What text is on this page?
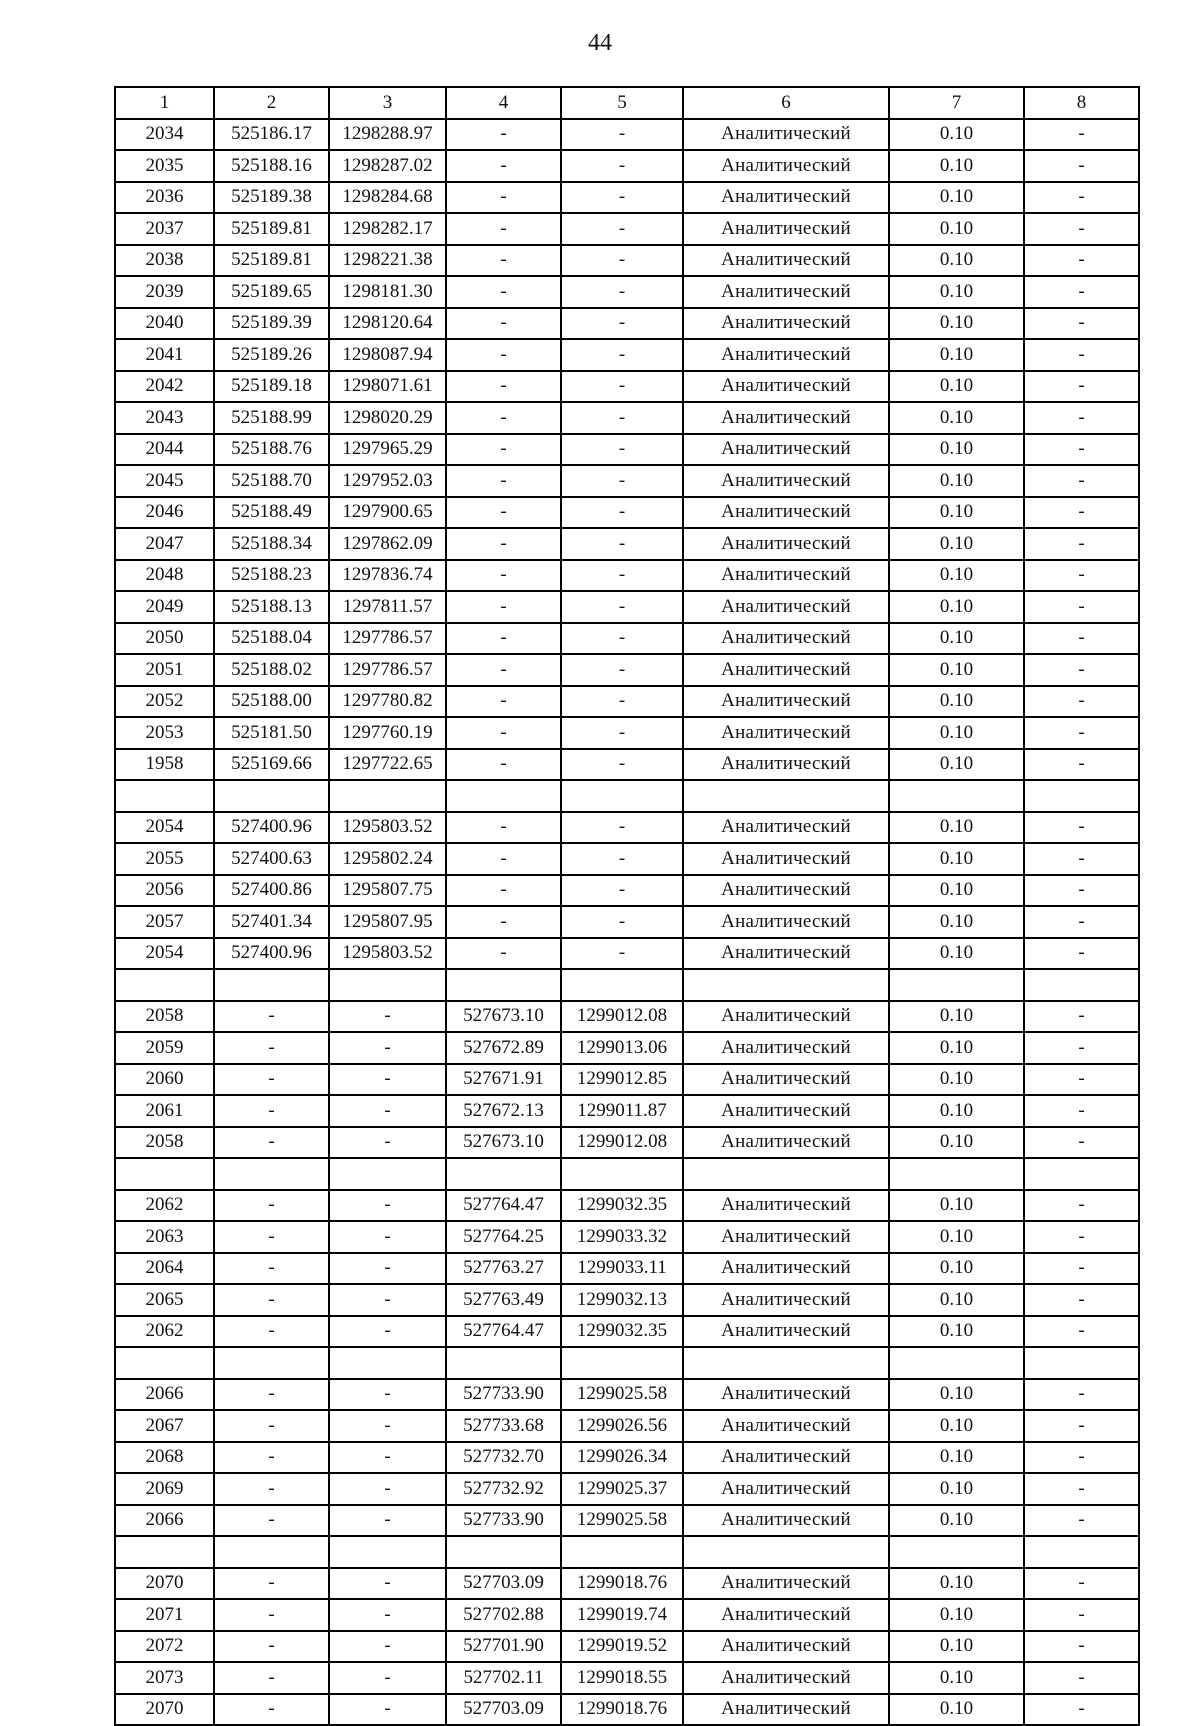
44
1	2	3	4	5	6	7	8
2034	525186.17	1298288.97	-	-	Аналитический	0.10	-
2035	525188.16	1298287.02	-	-	Аналитический	0.10	-
2036	525189.38	1298284.68	-	-	Аналитический	0.10	-
2037	525189.81	1298282.17	-	-	Аналитический	0.10	-
2038	525189.81	1298221.38	-	-	Аналитический	0.10	-
2039	525189.65	1298181.30	-	-	Аналитический	0.10	-
2040	525189.39	1298120.64	-	-	Аналитический	0.10	-
2041	525189.26	1298087.94	-	-	Аналитический	0.10	-
2042	525189.18	1298071.61	-	-	Аналитический	0.10	-
2043	525188.99	1298020.29	-	-	Аналитический	0.10	-
2044	525188.76	1297965.29	-	-	Аналитический	0.10	-
2045	525188.70	1297952.03	-	-	Аналитический	0.10	-
2046	525188.49	1297900.65	-	-	Аналитический	0.10	-
2047	525188.34	1297862.09	-	-	Аналитический	0.10	-
2048	525188.23	1297836.74	-	-	Аналитический	0.10	-
2049	525188.13	1297811.57	-	-	Аналитический	0.10	-
2050	525188.04	1297786.57	-	-	Аналитический	0.10	-
2051	525188.02	1297786.57	-	-	Аналитический	0.10	-
2052	525188.00	1297780.82	-	-	Аналитический	0.10	-
2053	525181.50	1297760.19	-	-	Аналитический	0.10	-
1958	525169.66	1297722.65	-	-	Аналитический	0.10	-

2054	527400.96	1295803.52	-	-	Аналитический	0.10	-
2055	527400.63	1295802.24	-	-	Аналитический	0.10	-
2056	527400.86	1295807.75	-	-	Аналитический	0.10	-
2057	527401.34	1295807.95	-	-	Аналитический	0.10	-
2054	527400.96	1295803.52	-	-	Аналитический	0.10	-

2058	-	-	527673.10	1299012.08	Аналитический	0.10	-
2059	-	-	527672.89	1299013.06	Аналитический	0.10	-
2060	-	-	527671.91	1299012.85	Аналитический	0.10	-
2061	-	-	527672.13	1299011.87	Аналитический	0.10	-
2058	-	-	527673.10	1299012.08	Аналитический	0.10	-

2062	-	-	527764.47	1299032.35	Аналитический	0.10	-
2063	-	-	527764.25	1299033.32	Аналитический	0.10	-
2064	-	-	527763.27	1299033.11	Аналитический	0.10	-
2065	-	-	527763.49	1299032.13	Аналитический	0.10	-
2062	-	-	527764.47	1299032.35	Аналитический	0.10	-

2066	-	-	527733.90	1299025.58	Аналитический	0.10	-
2067	-	-	527733.68	1299026.56	Аналитический	0.10	-
2068	-	-	527732.70	1299026.34	Аналитический	0.10	-
2069	-	-	527732.92	1299025.37	Аналитический	0.10	-
2066	-	-	527733.90	1299025.58	Аналитический	0.10	-

2070	-	-	527703.09	1299018.76	Аналитический	0.10	-
2071	-	-	527702.88	1299019.74	Аналитический	0.10	-
2072	-	-	527701.90	1299019.52	Аналитический	0.10	-
2073	-	-	527702.11	1299018.55	Аналитический	0.10	-
2070	-	-	527703.09	1299018.76	Аналитический	0.10	-
